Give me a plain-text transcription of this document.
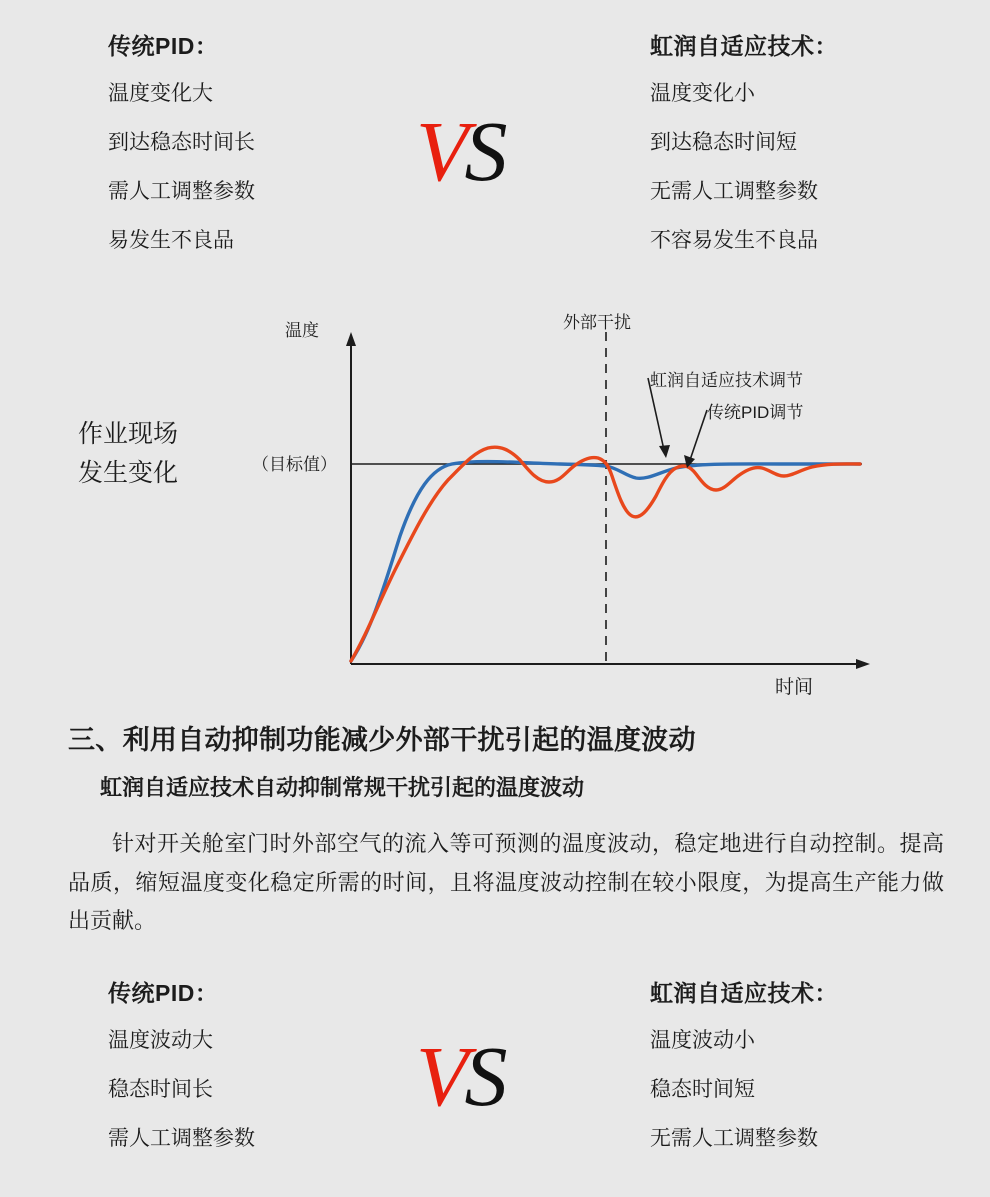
传统PID：
温度变化大
到达稳态时间长
需人工调整参数
易发生不良品
虹润自适应技术：
温度变化小
到达稳态时间短
无需人工调整参数
不容易发生不良品
VS
作业现场
发生变化
温度
时间
（目标值）
外部干扰
虹润自适应技术调节
传统PID调节
三、利用自动抑制功能减少外部干扰引起的温度波动
虹润自适应技术自动抑制常规干扰引起的温度波动
针对开关舱室门时外部空气的流入等可预测的温度波动，稳定地进行自动控制。提高品质，缩短温度变化稳定所需的时间，且将温度波动控制在较小限度，为提高生产能力做出贡献。
传统PID：
温度波动大
稳态时间长
需人工调整参数
虹润自适应技术：
温度波动小
稳态时间短
无需人工调整参数
VS
